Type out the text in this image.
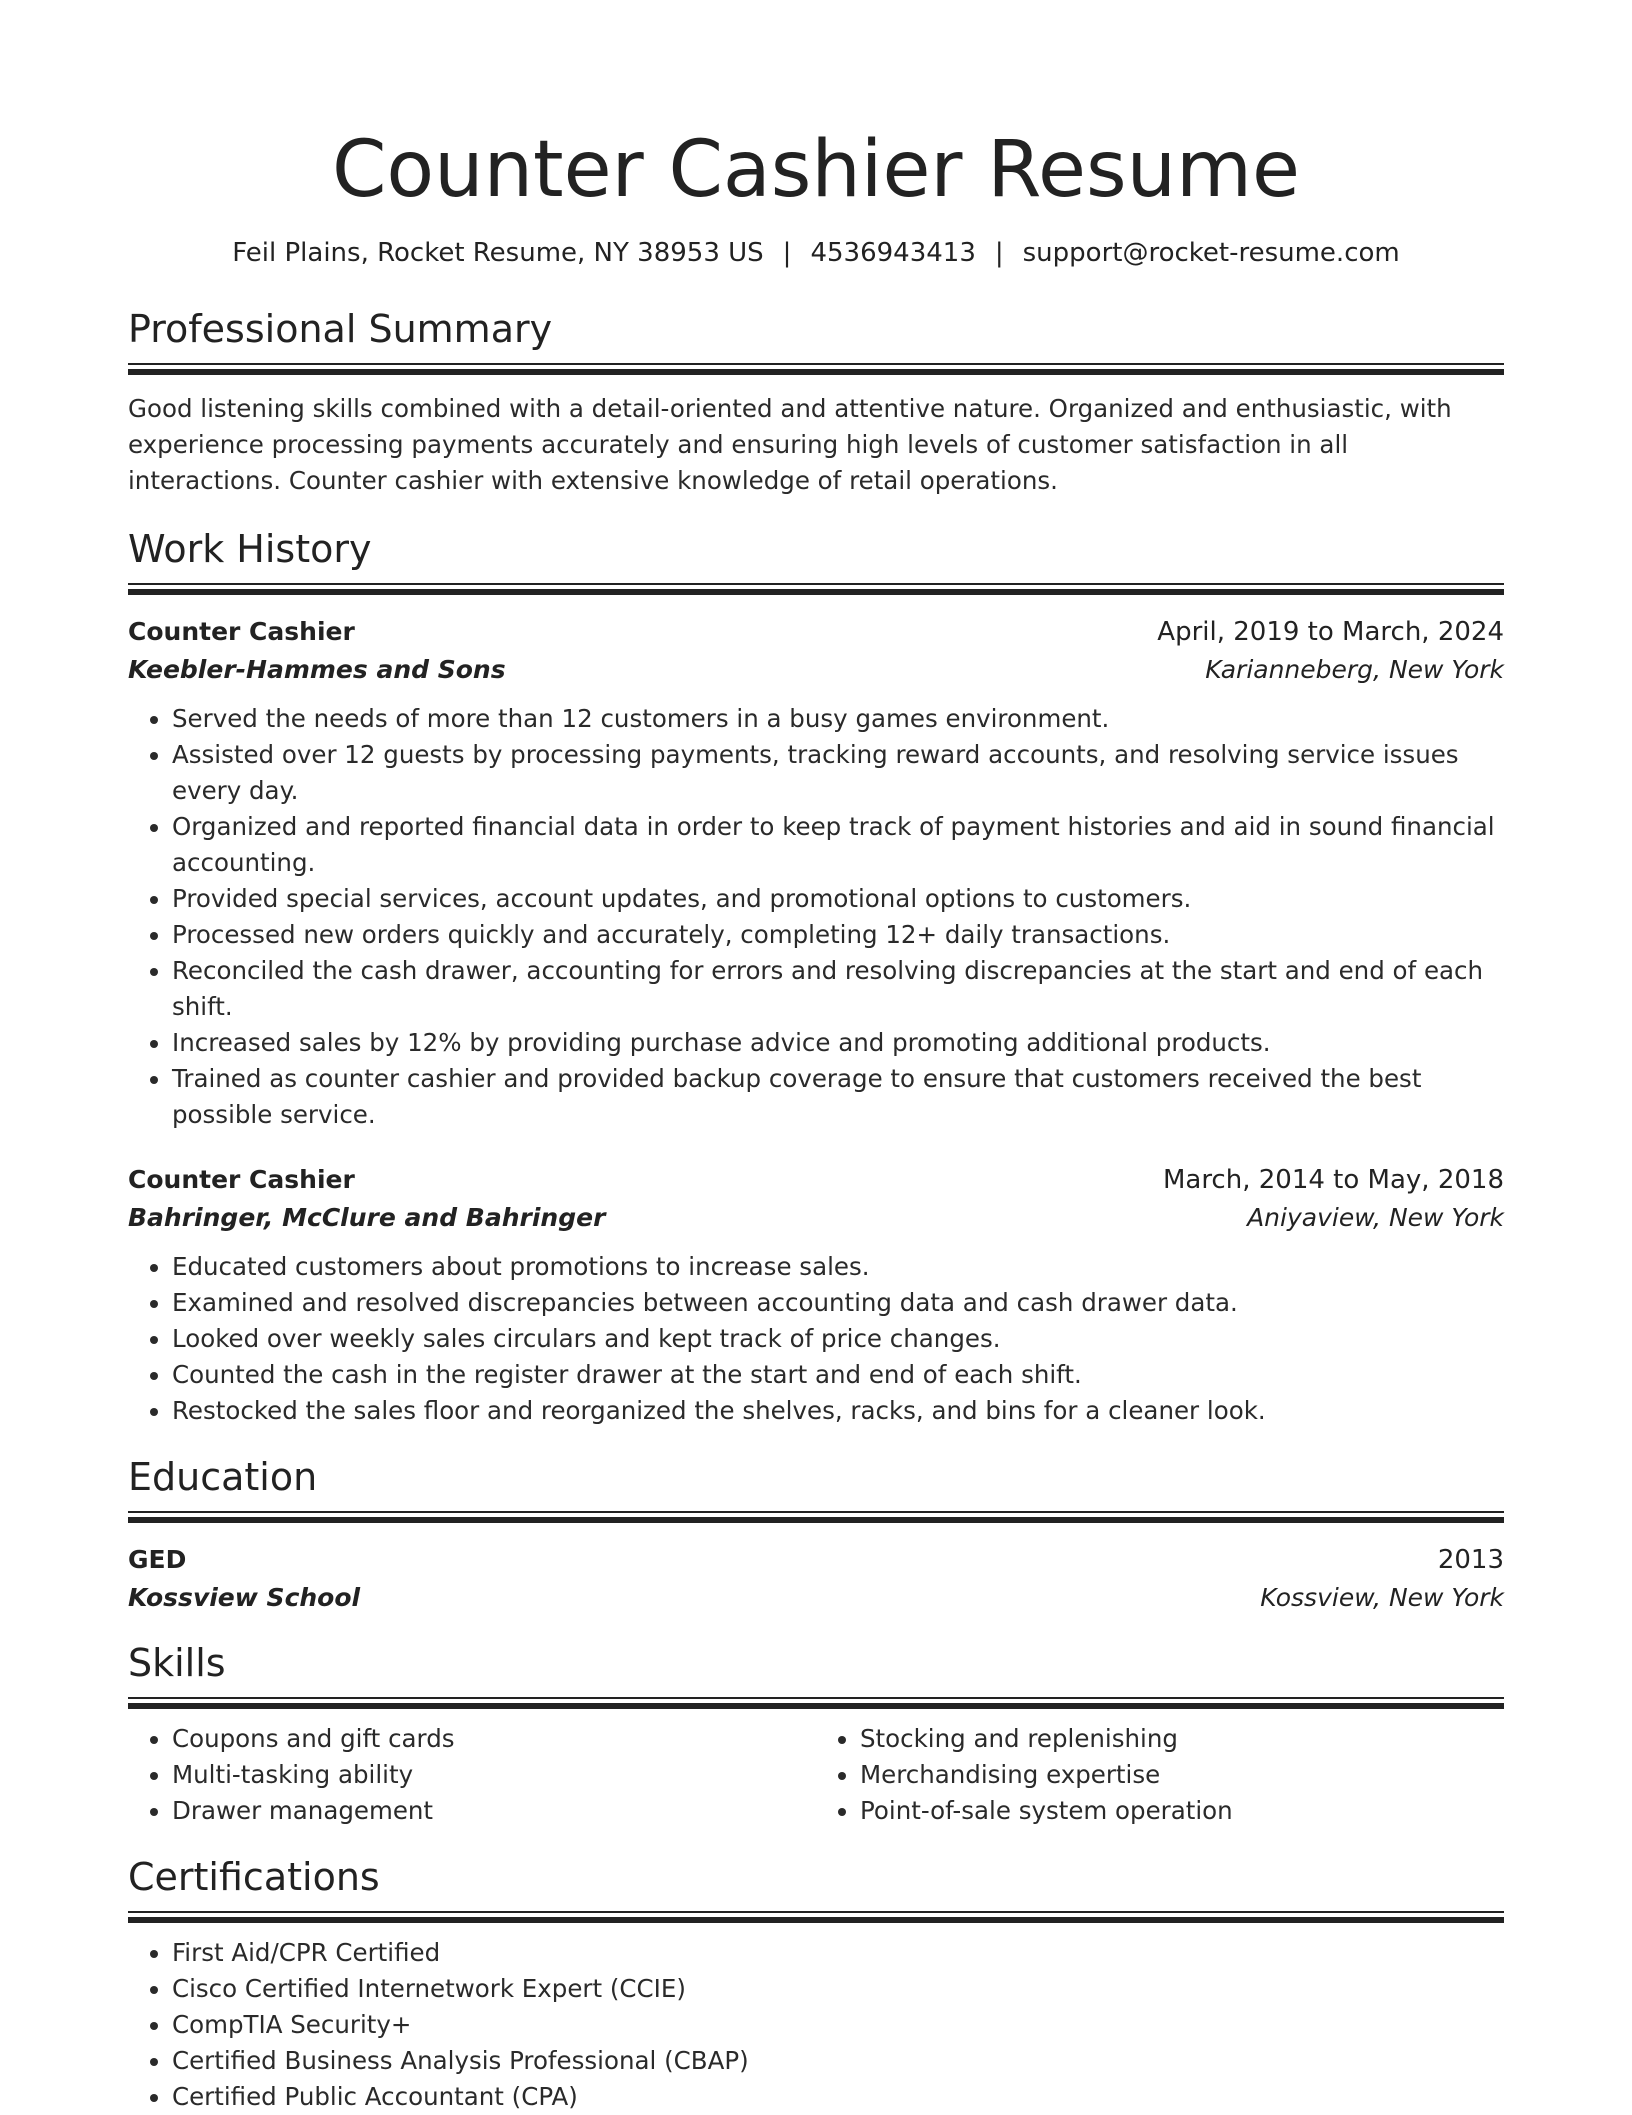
Counter Cashier Resume
Feil Plains, Rocket Resume, NY 38953 US | 4536943413 | support@rocket-resume.com
Professional Summary
Good listening skills combined with a detail-oriented and attentive nature. Organized and enthusiastic, with experience processing payments accurately and ensuring high levels of customer satisfaction in all interactions. Counter cashier with extensive knowledge of retail operations.
Work History
Counter Cashier	April, 2019 to March, 2024
Keebler-Hammes and Sons	Karianneberg, New York
• Served the needs of more than 12 customers in a busy games environment.
• Assisted over 12 guests by processing payments, tracking reward accounts, and resolving service issues every day.
• Organized and reported financial data in order to keep track of payment histories and aid in sound financial accounting.
• Provided special services, account updates, and promotional options to customers.
• Processed new orders quickly and accurately, completing 12+ daily transactions.
• Reconciled the cash drawer, accounting for errors and resolving discrepancies at the start and end of each shift.
• Increased sales by 12% by providing purchase advice and promoting additional products.
• Trained as counter cashier and provided backup coverage to ensure that customers received the best possible service.
Counter Cashier	March, 2014 to May, 2018
Bahringer, McClure and Bahringer	Aniyaview, New York
• Educated customers about promotions to increase sales.
• Examined and resolved discrepancies between accounting data and cash drawer data.
• Looked over weekly sales circulars and kept track of price changes.
• Counted the cash in the register drawer at the start and end of each shift.
• Restocked the sales floor and reorganized the shelves, racks, and bins for a cleaner look.
Education
GED	2013
Kossview School	Kossview, New York
Skills
• Coupons and gift cards
• Multi-tasking ability
• Drawer management
• Stocking and replenishing
• Merchandising expertise
• Point-of-sale system operation
Certifications
• First Aid/CPR Certified
• Cisco Certified Internetwork Expert (CCIE)
• CompTIA Security+
• Certified Business Analysis Professional (CBAP)
• Certified Public Accountant (CPA)
